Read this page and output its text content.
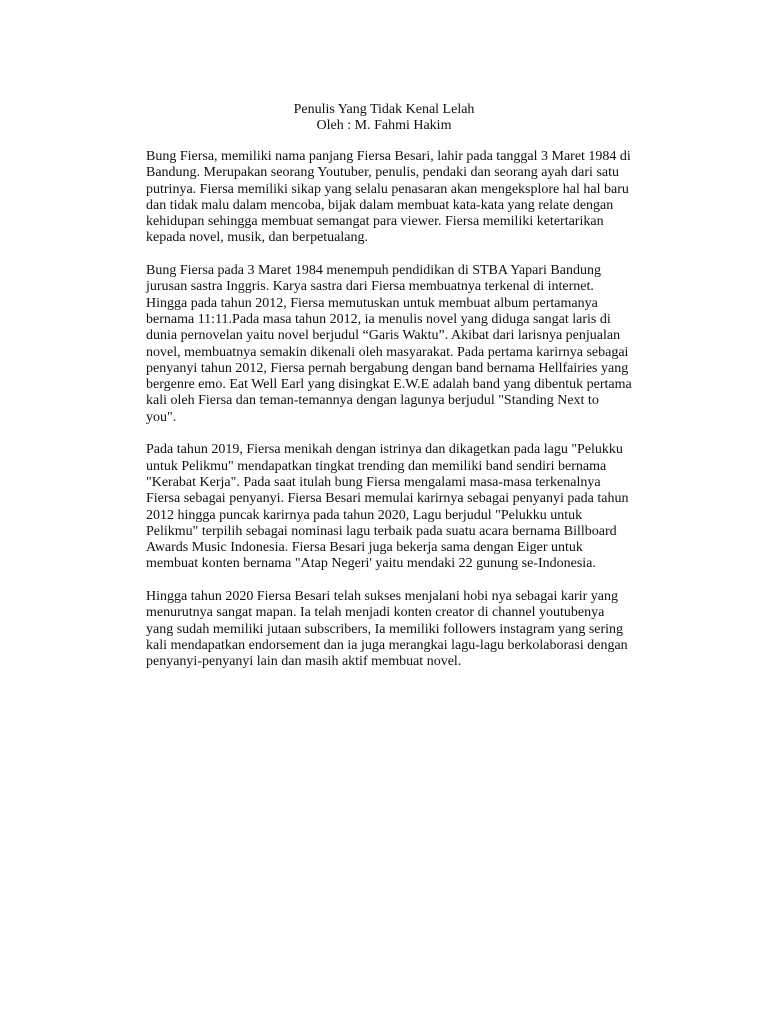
Penulis Yang Tidak Kenal Lelah
Oleh : M. Fahmi Hakim

Bung Fiersa, memiliki nama panjang Fiersa Besari, lahir pada tanggal 3 Maret 1984 di Bandung. Merupakan seorang Youtuber, penulis, pendaki dan seorang ayah dari satu putrinya. Fiersa memiliki sikap yang selalu penasaran akan mengeksplore hal hal baru dan tidak malu dalam mencoba, bijak dalam membuat kata-kata yang relate dengan kehidupan sehingga membuat semangat para viewer. Fiersa memiliki ketertarikan kepada novel, musik, dan berpetualang.

Bung Fiersa pada 3 Maret 1984 menempuh pendidikan di STBA Yapari Bandung jurusan sastra Inggris. Karya sastra dari Fiersa membuatnya terkenal di internet. Hingga pada tahun 2012, Fiersa memutuskan untuk membuat album pertamanya bernama 11:11.Pada masa tahun 2012, ia menulis novel yang diduga sangat laris di dunia pernovelan yaitu novel berjudul “Garis Waktu”. Akibat dari larisnya penjualan novel, membuatnya semakin dikenali oleh masyarakat. Pada pertama karirnya sebagai penyanyi tahun 2012, Fiersa pernah bergabung dengan band bernama Hellfairies yang bergenre emo. Eat Well Earl yang disingkat E.W.E adalah band yang dibentuk pertama kali oleh Fiersa dan teman-temannya dengan lagunya berjudul "Standing Next to you".

Pada tahun 2019, Fiersa menikah dengan istrinya dan dikagetkan pada lagu "Pelukku untuk Pelikmu" mendapatkan tingkat trending dan memiliki band sendiri bernama "Kerabat Kerja". Pada saat itulah bung Fiersa mengalami masa-masa terkenalnya Fiersa sebagai penyanyi. Fiersa Besari memulai karirnya sebagai penyanyi pada tahun 2012 hingga puncak karirnya pada tahun 2020, Lagu berjudul "Pelukku untuk Pelikmu" terpilih sebagai nominasi lagu terbaik pada suatu acara bernama Billboard Awards Music Indonesia. Fiersa Besari juga bekerja sama dengan Eiger untuk membuat konten bernama "Atap Negeri' yaitu mendaki 22 gunung se-Indonesia.

Hingga tahun 2020 Fiersa Besari telah sukses menjalani hobi nya sebagai karir yang menurutnya sangat mapan. Ia telah menjadi konten creator di channel youtubenya yang sudah memiliki jutaan subscribers, Ia memiliki followers instagram yang sering kali mendapatkan endorsement dan ia juga merangkai lagu-lagu berkolaborasi dengan penyanyi-penyanyi lain dan masih aktif membuat novel.
